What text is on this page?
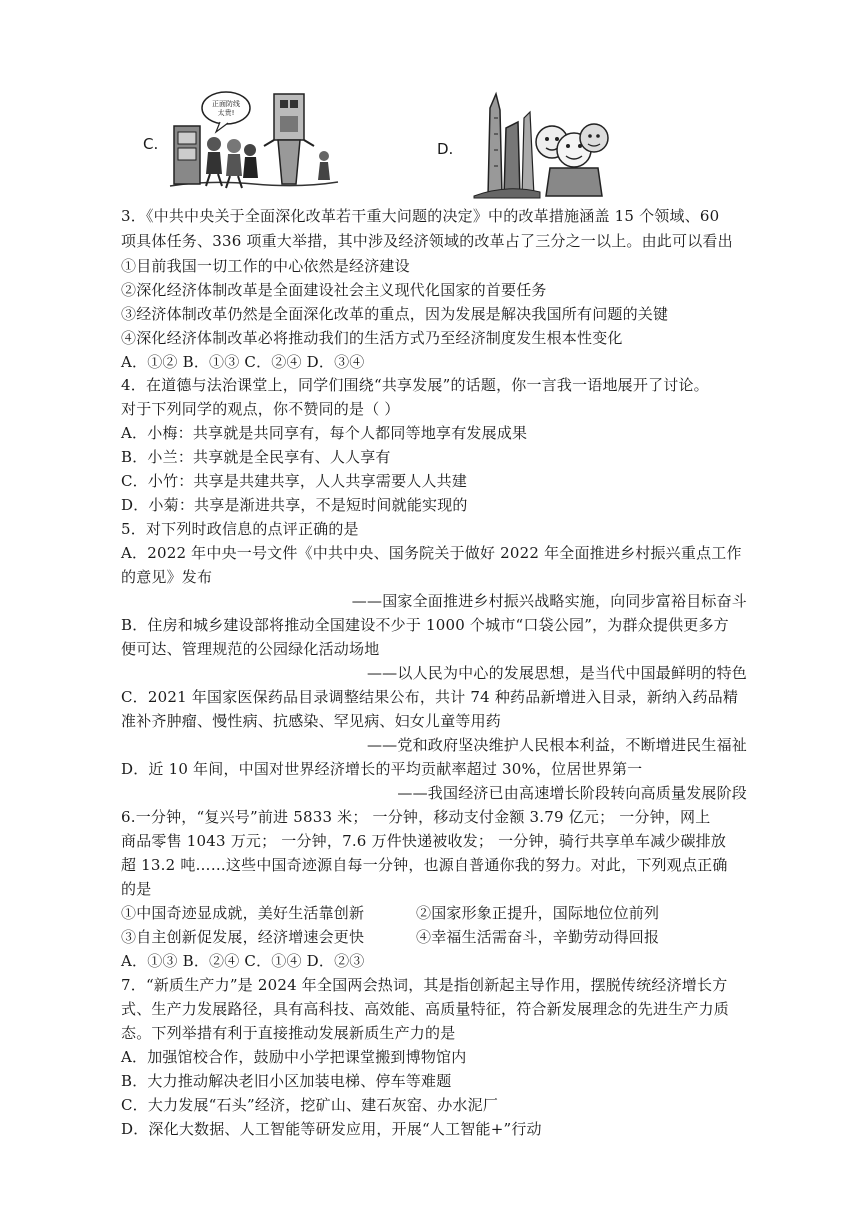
C.
正面防线
太贵!
D.
3．《中共中央关于全面深化改革若干重大问题的决定》中的改革措施涵盖 15 个领域、60
项具体任务、336 项重大举措，其中涉及经济领域的改革占了三分之一以上。由此可以看出
①目前我国一切工作的中心依然是经济建设
②深化经济体制改革是全面建设社会主义现代化国家的首要任务
③经济体制改革仍然是全面深化改革的重点，因为发展是解决我国所有问题的关键
④深化经济体制改革必将推动我们的生活方式乃至经济制度发生根本性变化
A．①② B．①③ C．②④ D．③④
4．在道德与法治课堂上，同学们围绕“共享发展”的话题，你一言我一语地展开了讨论。
对于下列同学的观点，你不赞同的是（ ）
A．小梅：共享就是共同享有，每个人都同等地享有发展成果
B．小兰：共享就是全民享有、人人享有
C．小竹：共享是共建共享，人人共享需要人人共建
D．小菊：共享是渐进共享，不是短时间就能实现的
5．对下列时政信息的点评正确的是
A．2022 年中央一号文件《中共中央、国务院关于做好 2022 年全面推进乡村振兴重点工作
的意见》发布
——国家全面推进乡村振兴战略实施，向同步富裕目标奋斗
B．住房和城乡建设部将推动全国建设不少于 1000 个城市“口袋公园”，为群众提供更多方
便可达、管理规范的公园绿化活动场地
——以人民为中心的发展思想，是当代中国最鲜明的特色
C．2021 年国家医保药品目录调整结果公布，共计 74 种药品新增进入目录，新纳入药品精
准补齐肿瘤、慢性病、抗感染、罕见病、妇女儿童等用药
——党和政府坚决维护人民根本利益，不断增进民生福祉
D．近 10 年间，中国对世界经济增长的平均贡献率超过 30%，位居世界第一
——我国经济已由高速增长阶段转向高质量发展阶段
6.一分钟，“复兴号”前进 5833 米； 一分钟，移动支付金额 3.79 亿元； 一分钟，网上
商品零售 1043 万元； 一分钟，7.6 万件快递被收发； 一分钟，骑行共享单车减少碳排放
超 13.2 吨……这些中国奇迹源自每一分钟，也源自普通你我的努力。对此，下列观点正确
的是
①中国奇迹显成就，美好生活靠创新	②国家形象正提升，国际地位位前列
③自主创新促发展，经济增速会更快	④幸福生活需奋斗，辛勤劳动得回报
A．①③ B．②④ C．①④ D．②③
7．“新质生产力”是 2024 年全国两会热词，其是指创新起主导作用，摆脱传统经济增长方
式、生产力发展路径，具有高科技、高效能、高质量特征，符合新发展理念的先进生产力质
态。下列举措有利于直接推动发展新质生产力的是
A．加强馆校合作，鼓励中小学把课堂搬到博物馆内
B．大力推动解决老旧小区加装电梯、停车等难题
C．大力发展“石头”经济，挖矿山、建石灰窑、办水泥厂
D．深化大数据、人工智能等研发应用，开展“人工智能+”行动
